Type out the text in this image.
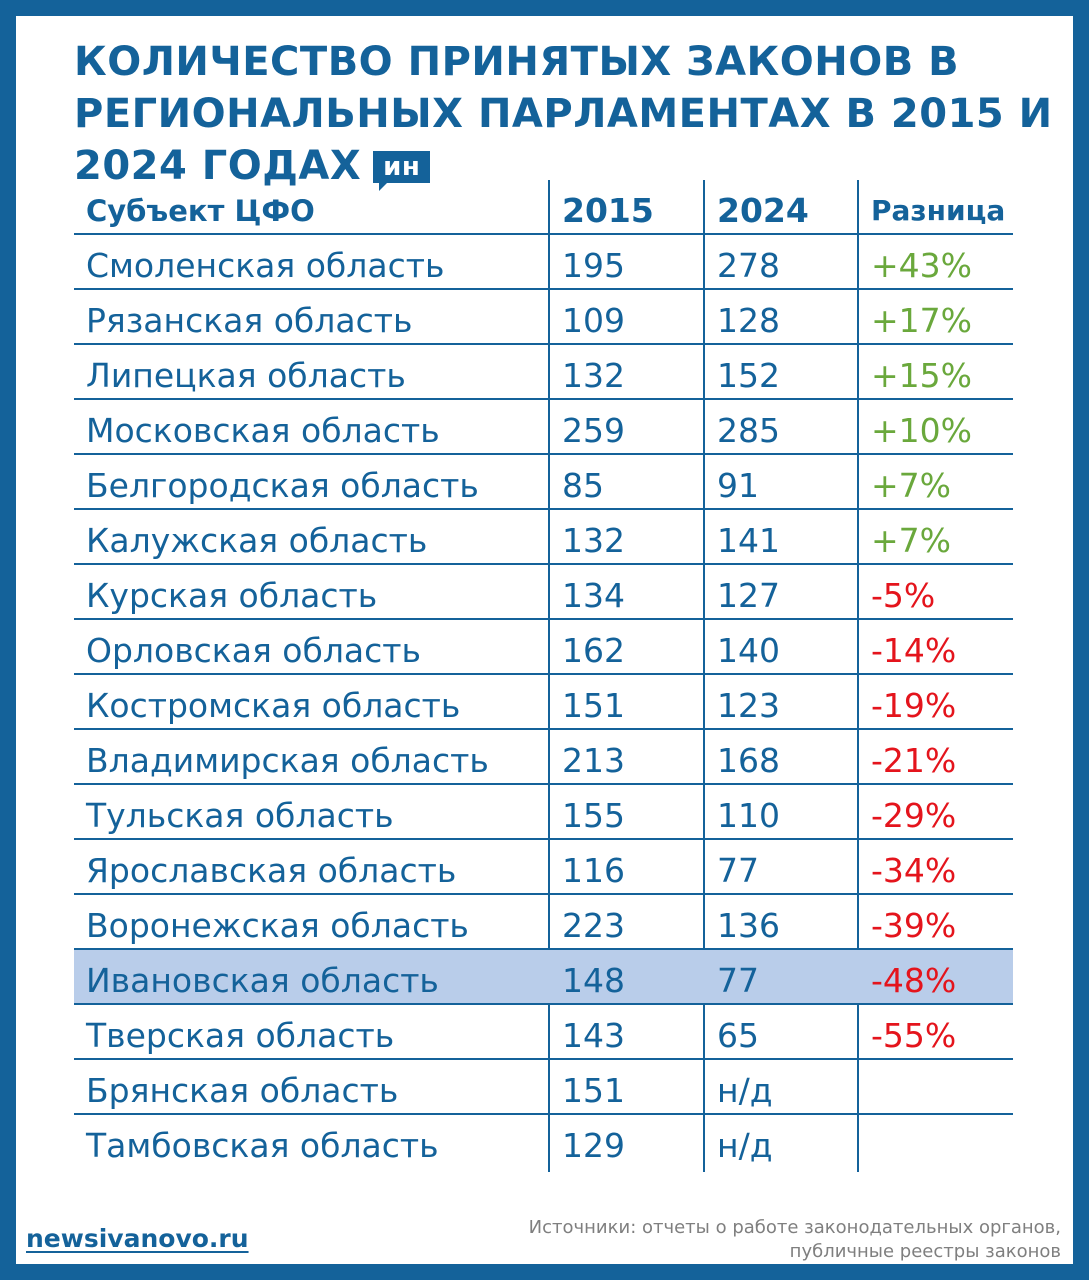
КОЛИЧЕСТВО ПРИНЯТЫХ ЗАКОНОВ В РЕГИОНАЛЬНЫХ ПАРЛАМЕНТАХ В 2015 И 2024 ГОДАХ ин
Субъект ЦФО	2015 2024 Разница
Смоленская область	195	278	+43%
Рязанская область	109	128	+17%
Липецкая область	132	152	+15%
Московская область	259	285	+10%
Белгородская область	85	91	+7%
Калужская область	132	141	+7%
Курская область	134	127	-5%
Орловская область	162	140	-14%
Костромская область	151	123	-19%
Владимирская область 213	168	-21%
Тульская область	155	110	-29%
Ярославская область	116	77	-34%
Воронежская область	223	136	-39%
Ивановская область	148	77	-48%
Тверская область	143	65	-55%
Брянская область	151	н/д
Тамбовская область	129	н/д
newsivanovo.ru	Источники: отчеты о работе законодательных органов,
публичные реестры законов
